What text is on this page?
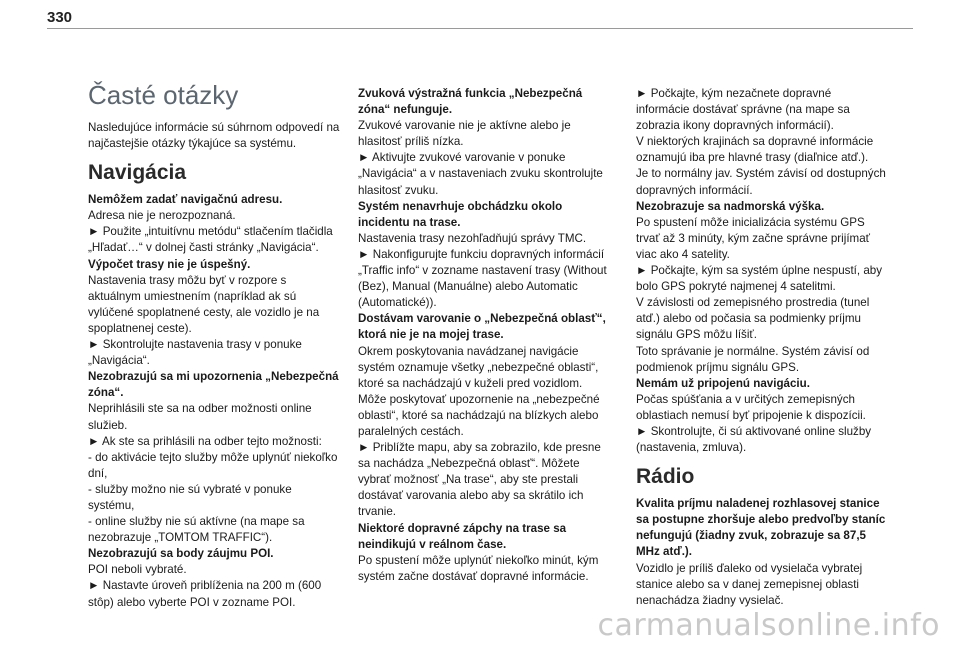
330
Časté otázky

Nasledujúce informácie sú súhrnom odpovedí na
najčastejšie otázky týkajúce sa systému.

Navigácia

Nemôžem zadať navigačnú adresu.

Adresa nie je nerozpoznaná.
► Použite „intuitívnu metódu“ stlačením tlačidla
„Hľadať…“ v dolnej časti stránky „Navigácia“.

Výpočet trasy nie je úspešný.

Nastavenia trasy môžu byť v rozpore s
aktuálnym umiestnením (napríklad ak sú
vylúčené spoplatnené cesty, ale vozidlo je na
spoplatnenej ceste).
► Skontrolujte nastavenia trasy v ponuke
„Navigácia“.

Nezobrazujú sa mi upozornenia „Nebezpečná
zóna“.

Neprihlásili ste sa na odber možnosti online
služieb.
► Ak ste sa prihlásili na odber tejto možnosti:
- do aktivácie tejto služby môže uplynúť niekoľko
dní,
- služby možno nie sú vybraté v ponuke
systému,
- online služby nie sú aktívne (na mape sa
nezobrazuje „TOMTOM TRAFFIC“).

Nezobrazujú sa body záujmu POI.

POI neboli vybraté.
► Nastavte úroveň priblíženia na 200 m (600
stôp) alebo vyberte POI v zozname POI.

Zvuková výstražná funkcia „Nebezpečná
zóna“ nefunguje.

Zvukové varovanie nie je aktívne alebo je
hlasitosť príliš nízka.
► Aktivujte zvukové varovanie v ponuke
„Navigácia“ a v nastaveniach zvuku skontrolujte
hlasitosť zvuku.

Systém nenavrhuje obchádzku okolo
incidentu na trase.

Nastavenia trasy nezohľadňujú správy TMC.
► Nakonfigurujte funkciu dopravných informácií
„Traffic info“ v zozname nastavení trasy (Without
(Bez), Manual (Manuálne) alebo Automatic
(Automatické)).

Dostávam varovanie o „Nebezpečná oblasť“,
ktorá nie je na mojej trase.

Okrem poskytovania navádzanej navigácie
systém oznamuje všetky „nebezpečné oblasti“,
ktoré sa nachádzajú v kuželi pred vozidlom.
Môže poskytovať upozornenie na „nebezpečné
oblasti“, ktoré sa nachádzajú na blízkych alebo
paralelných cestách.
► Priblížte mapu, aby sa zobrazilo, kde presne
sa nachádza „Nebezpečná oblasť“. Môžete
vybrať možnosť „Na trase“, aby ste prestali
dostávať varovania alebo aby sa skrátilo ich
trvanie.

Niektoré dopravné zápchy na trase sa
neindikujú v reálnom čase.

Po spustení môže uplynúť niekoľko minút, kým
systém začne dostávať dopravné informácie.

► Počkajte, kým nezačnete dopravné
informácie dostávať správne (na mape sa
zobrazia ikony dopravných informácií).
V niektorých krajinách sa dopravné informácie
oznamujú iba pre hlavné trasy (diaľnice atď.).
Je to normálny jav. Systém závisí od dostupných
dopravných informácií.

Nezobrazuje sa nadmorská výška.

Po spustení môže inicializácia systému GPS
trvať až 3 minúty, kým začne správne prijímať
viac ako 4 satelity.
► Počkajte, kým sa systém úplne nespustí, aby
bolo GPS pokryté najmenej 4 satelitmi.
V závislosti od zemepisného prostredia (tunel
atď.) alebo od počasia sa podmienky príjmu
signálu GPS môžu líšiť.
Toto správanie je normálne. Systém závisí od
podmienok príjmu signálu GPS.

Nemám už pripojenú navigáciu.

Počas spúšťania a v určitých zemepisných
oblastiach nemusí byť pripojenie k dispozícii.
► Skontrolujte, či sú aktivované online služby
(nastavenia, zmluva).

Rádio

Kvalita príjmu naladenej rozhlasovej stanice
sa postupne zhoršuje alebo predvoľby staníc
nefungujú (žiadny zvuk, zobrazuje sa 87,5
MHz atď.).

Vozidlo je príliš ďaleko od vysielača vybratej
stanice alebo sa v danej zemepisnej oblasti
nenachádza žiadny vysielač.

carmanualsonline.info
